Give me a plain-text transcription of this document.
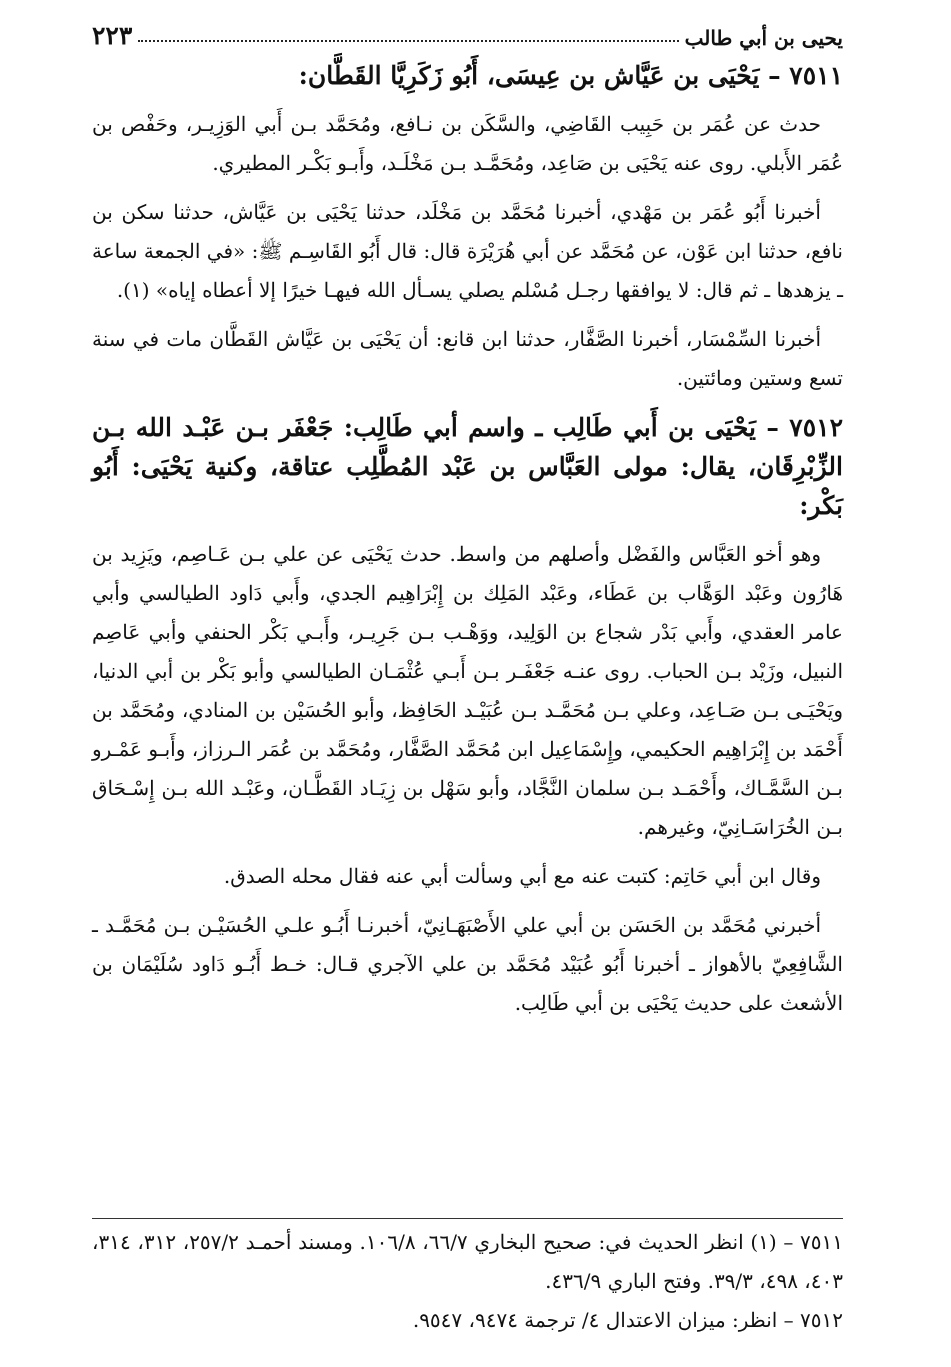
يحيى بن أبي طالب
٢٢٣
٧٥١١ – يَحْيَى بن عَيَّاش بن عِيسَى، أَبُو زَكَرِيَّا القَطَّان:

حدث عن عُمَر بن حَبِيب القَاضِي، والسَّكَن بن نـافع، ومُحَمَّد بـن أَبي الوَزِيـر، وحَفْص بن عُمَر الأَبلي. روى عنه يَحْيَى بن صَاعِد، ومُحَمَّـد بـن مَخْلَـد، وأَبـو بَكْـر المطيري.

أخبرنا أَبُو عُمَر بن مَهْدي، أخبرنا مُحَمَّد بن مَخْلَد، حدثنا يَحْيَى بن عَيَّاش، حدثنا سكن بن نافع، حدثنا ابن عَوْن، عن مُحَمَّد عن أبي هُرَيْرَة قال: قال أَبُو القَاسِـم ﷺ: «في الجمعة ساعة ـ يزهدها ـ ثم قال: لا يوافقها رجـل مُسْلم يصلي يسـأل الله فيهـا خيرًا إلا أعطاه إياه» (١).

أخبرنا السِّمْسَار، أخبرنا الصَّفَّار، حدثنا ابن قانع: أن يَحْيَى بن عَيَّاش القَطَّان مات في سنة تسع وستين ومائتين.

٧٥١٢ – يَحْيَى بن أَبي طَالِب ـ واسم أبي طَالِب: جَعْفَر بـن عَبْـد الله بـن الزِّبْرِقَان، يقال: مولى العَبَّاس بن عَبْد المُطَّلِب عتاقة، وكنية يَحْيَى: أَبُو بَكْر:

وهو أخو العَبَّاس والفَضْل وأصلهم من واسط. حدث يَحْيَى عن علي بـن عَـاصِم، ويَزِيد بن هَارُون وعَبْد الوَهَّاب بن عَطَاء، وعَبْد المَلِك بن إِبْرَاهِيم الجدي، وأَبي دَاود الطيالسي وأبي عامر العقدي، وأَبي بَدْر شجاع بن الوَلِيد، ووَهْـب بـن جَرِيـر، وأَبـي بَكْر الحنفي وأبي عَاصِم النبيل، وزَيْد بـن الحباب. روى عنـه جَعْفَـر بـن أَبـي عُثْمَـان الطيالسي وأبو بَكْر بن أبي الدنيا، ويَحْيَـى بـن صَـاعِد، وعلي بـن مُحَمَّـد بـن عُبَيْـد الحَافِظ، وأبو الحُسَيْن بن المنادي، ومُحَمَّد بن أَحْمَد بن إِبْرَاهِيم الحكيمي، وإِسْمَاعِيل ابن مُحَمَّد الصَّفَّار، ومُحَمَّد بن عُمَر الـرزاز، وأَبـو عَمْـرو بـن السَّمَّـاك، وأَحْمَـد بـن سلمان النَّجَّاد، وأبو سَهْل بن زِيَـاد القَطَّـان، وعَبْـد الله بـن إِسْـحَاق بـن الخُرَاسَـانِيّ، وغيرهم.

وقال ابن أبي حَاتِم: كتبت عنه مع أبي وسألت أبي عنه فقال محله الصدق.

أخبرني مُحَمَّد بن الحَسَن بن أبي علي الأَصْبَهَـانِيّ، أخبرنـا أَبُـو علـي الحُسَيْـن بـن مُحَمَّـد ـ الشَّافِعِيّ بالأهواز ـ أخبرنا أَبُو عُبَيْد مُحَمَّد بن علي الآجري قـال: خـط أَبُـو دَاود سُلَيْمَان بن الأشعث على حديث يَحْيَى بن أبي طَالِب.

٧٥١١ – (١) انظر الحديث في: صحيح البخاري ٦٦/٧، ١٠٦/٨. ومسند أحمـد ٢٥٧/٢، ٣١٢، ٣١٤، ٤٠٣، ٤٩٨، ٣٩/٣. وفتح الباري ٤٣٦/٩.

٧٥١٢ – انظر: ميزان الاعتدال ٤/ ترجمة ٩٤٧٤، ٩٥٤٧.
